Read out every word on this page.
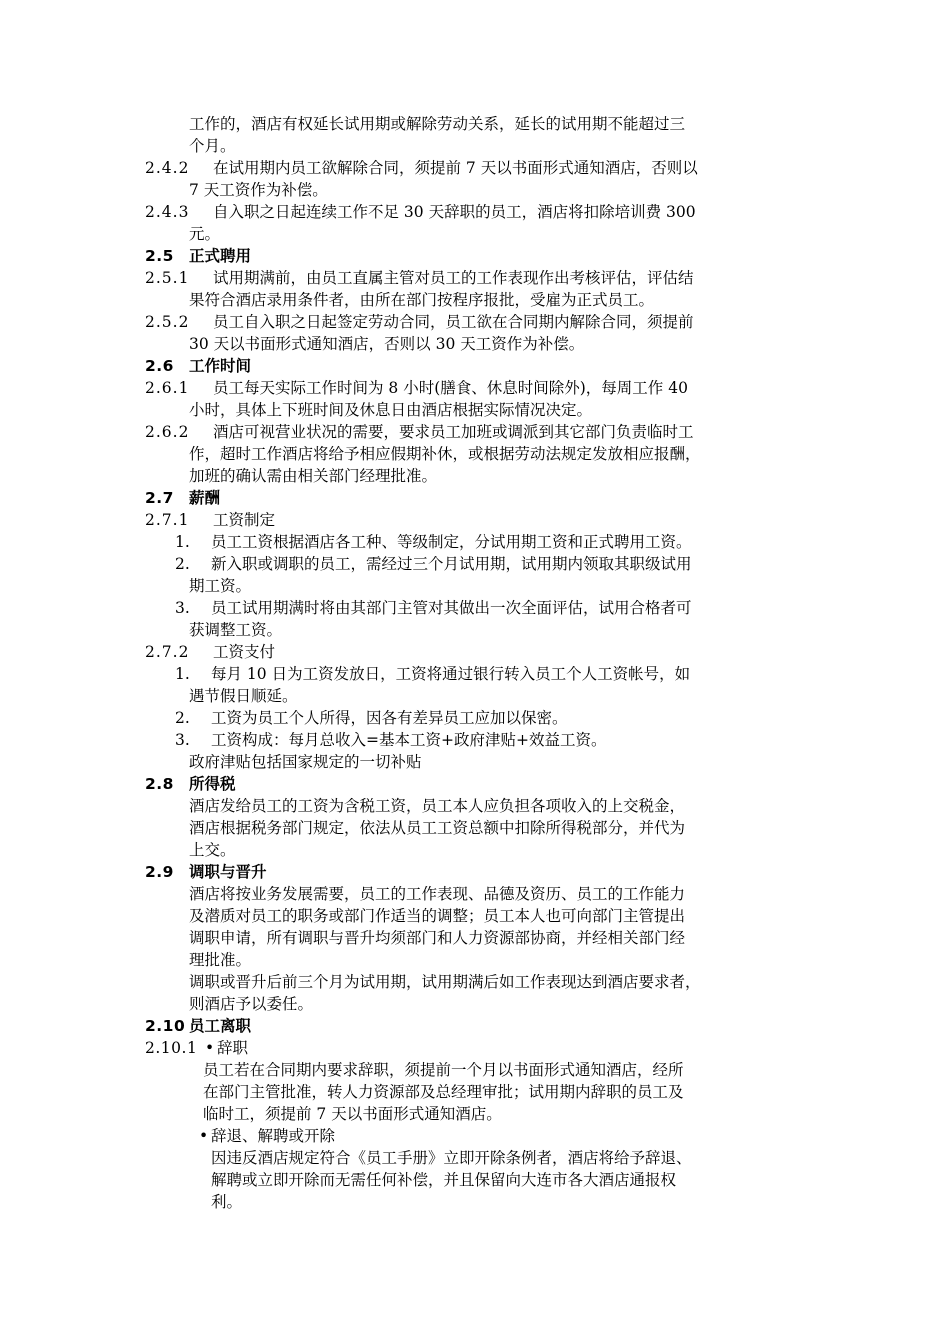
工作的，酒店有权延长试用期或解除劳动关系，延长的试用期不能超过三
个月。
2.4.2	在试用期内员工欲解除合同，须提前 7 天以书面形式通知酒店，否则以
7 天工资作为补偿。
2.4.3	自入职之日起连续工作不足 30 天辞职的员工，酒店将扣除培训费 300
元。
2.5 正式聘用
2.5.1	试用期满前，由员工直属主管对员工的工作表现作出考核评估，评估结
果符合酒店录用条件者，由所在部门按程序报批，受雇为正式员工。
2.5.2	员工自入职之日起签定劳动合同，员工欲在合同期内解除合同，须提前
30 天以书面形式通知酒店，否则以 30 天工资作为补偿。
2.6 工作时间
2.6.1	员工每天实际工作时间为 8 小时(膳食、休息时间除外)，每周工作 40
小时，具体上下班时间及休息日由酒店根据实际情况决定。
2.6.2	酒店可视营业状况的需要，要求员工加班或调派到其它部门负责临时工
作，超时工作酒店将给予相应假期补休，或根据劳动法规定发放相应报酬，
加班的确认需由相关部门经理批准。
2.7 薪酬
2.7.1	工资制定
1.	员工工资根据酒店各工种、等级制定，分试用期工资和正式聘用工资。
2.	新入职或调职的员工，需经过三个月试用期，试用期内领取其职级试用
期工资。
3.	员工试用期满时将由其部门主管对其做出一次全面评估，试用合格者可
获调整工资。
2.7.2	工资支付
1.	每月 10 日为工资发放日，工资将通过银行转入员工个人工资帐号，如
遇节假日顺延。
2.	工资为员工个人所得，因各有差异员工应加以保密。
3.	工资构成：每月总收入=基本工资+政府津贴+效益工资。
政府津贴包括国家规定的一切补贴
2.8 所得税
酒店发给员工的工资为含税工资，员工本人应负担各项收入的上交税金，
酒店根据税务部门规定，依法从员工工资总额中扣除所得税部分，并代为
上交。
2.9 调职与晋升
酒店将按业务发展需要，员工的工作表现、品德及资历、员工的工作能力
及潜质对员工的职务或部门作适当的调整；员工本人也可向部门主管提出
调职申请，所有调职与晋升均须部门和人力资源部协商，并经相关部门经
理批准。
调职或晋升后前三个月为试用期，试用期满后如工作表现达到酒店要求者，
则酒店予以委任。
2.10 员工离职
2.10.1 • 辞职
员工若在合同期内要求辞职，须提前一个月以书面形式通知酒店，经所
在部门主管批准，转人力资源部及总经理审批；试用期内辞职的员工及
临时工，须提前 7 天以书面形式通知酒店。
• 辞退、解聘或开除
因违反酒店规定符合《员工手册》立即开除条例者，酒店将给予辞退、
解聘或立即开除而无需任何补偿，并且保留向大连市各大酒店通报权
利。
